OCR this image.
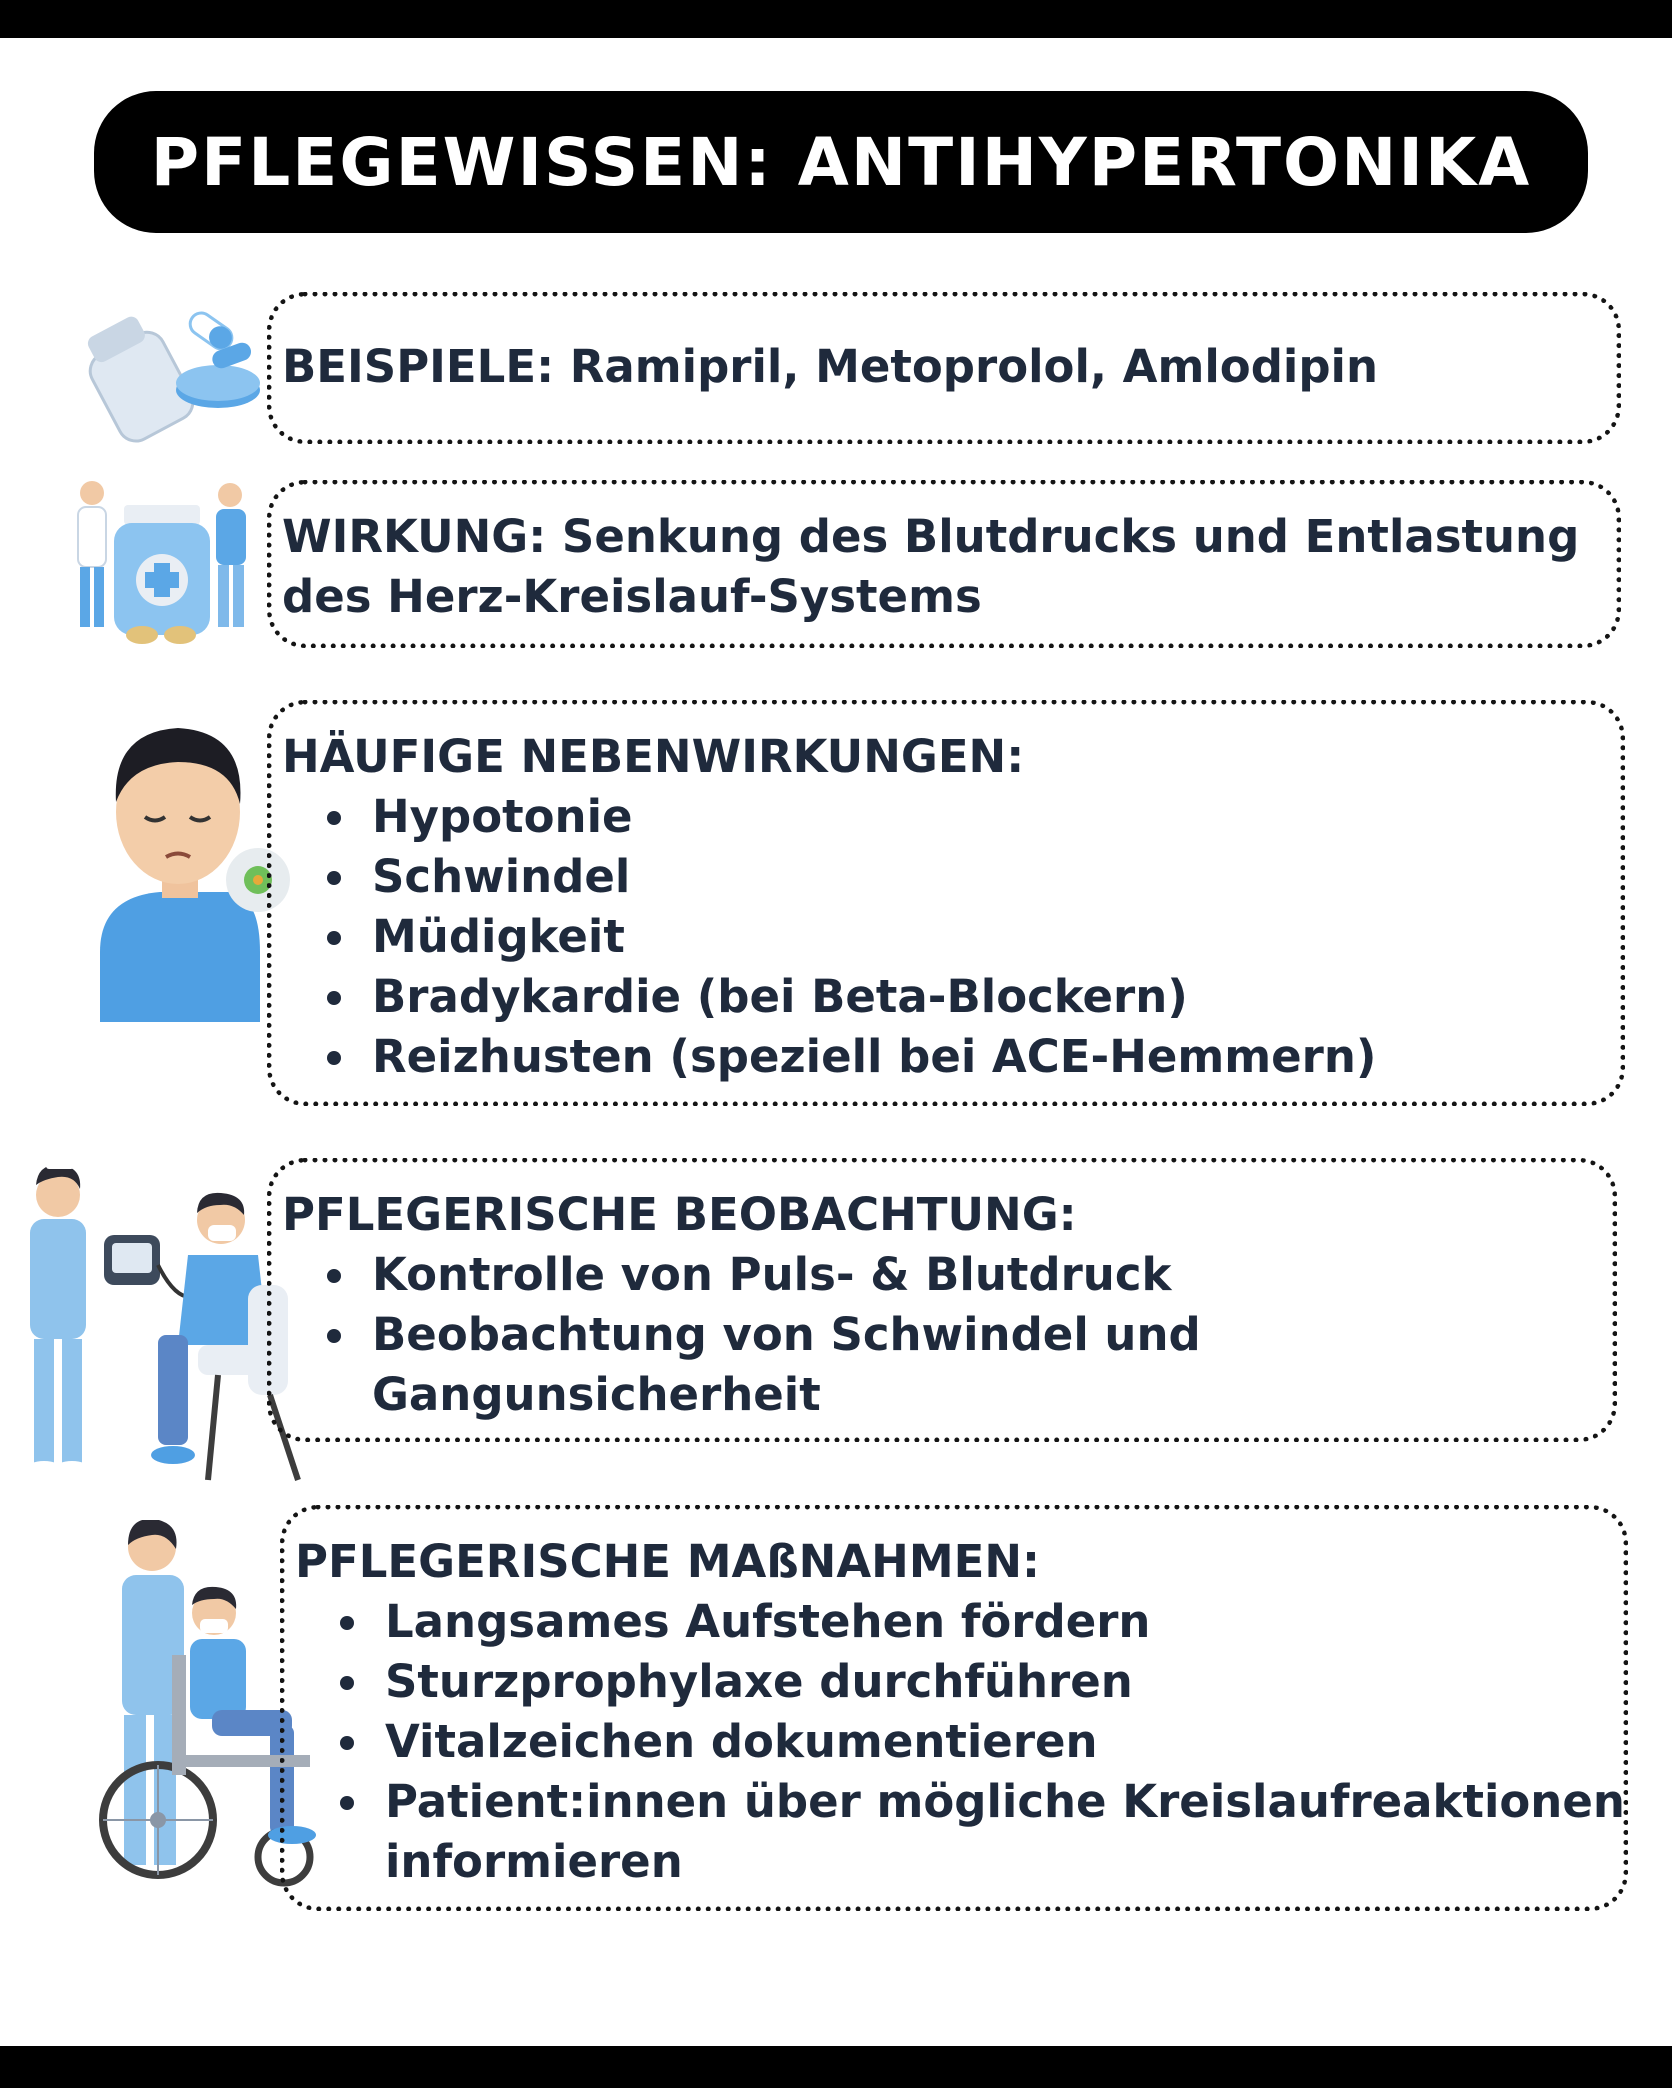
PFLEGEWISSEN: ANTIHYPERTONIKA
BEISPIELE: Ramipril, Metoprolol, Amlodipin
WIRKUNG: Senkung des Blutdrucks und Entlastung
des Herz-Kreislauf-Systems
HÄUFIGE NEBENWIRKUNGEN:
Hypotonie
Schwindel
Müdigkeit
Bradykardie (bei Beta-Blockern)
Reizhusten (speziell bei ACE-Hemmern)
PFLEGERISCHE BEOBACHTUNG:
Kontrolle von Puls- & Blutdruck
Beobachtung von Schwindel und
Gangunsicherheit
PFLEGERISCHE MAßNAHMEN:
Langsames Aufstehen fördern
Sturzprophylaxe durchführen
Vitalzeichen dokumentieren
Patient:innen über mögliche Kreislaufreaktionen
informieren
